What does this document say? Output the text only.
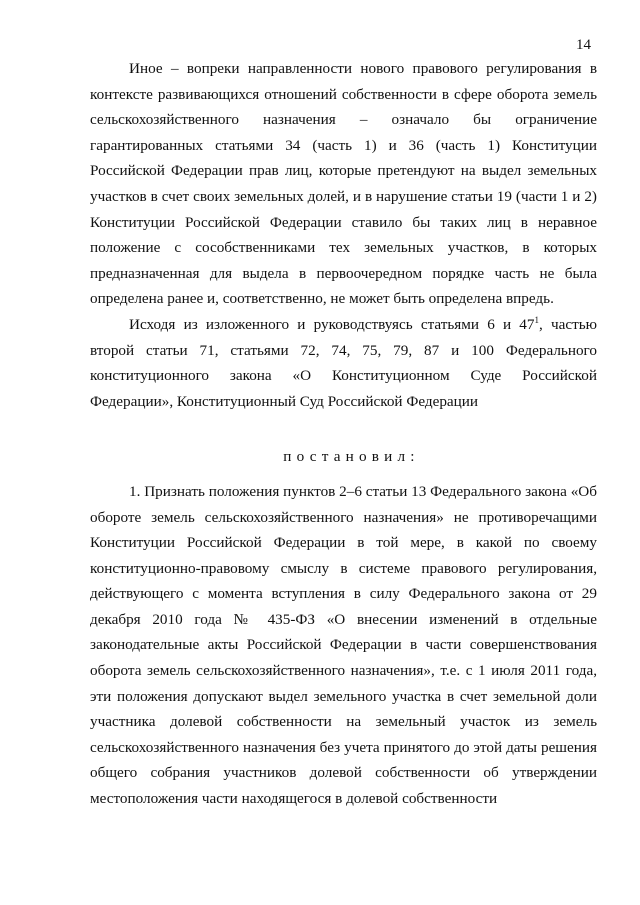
14

Иное – вопреки направленности нового правового регулирования в контексте развивающихся отношений собственности в сфере оборота земель сельскохозяйственного назначения – означало бы ограничение гарантированных статьями 34 (часть 1) и 36 (часть 1) Конституции Российской Федерации прав лиц, которые претендуют на выдел земельных участков в счет своих земельных долей, и в нарушение статьи 19 (части 1 и 2) Конституции Российской Федерации ставило бы таких лиц в неравное положение с сособственниками тех земельных участков, в которых предназначенная для выдела в первоочередном порядке часть не была определена ранее и, соответственно, не может быть определена впредь.

Исходя из изложенного и руководствуясь статьями 6 и $47^1$, частью второй статьи 71, статьями 72, 74, 75, 79, 87 и 100 Федерального конституционного закона «О Конституционном Суде Российской Федерации», Конституционный Суд Российской Федерации

постановил:

1. Признать положения пунктов 2–6 статьи 13 Федерального закона «Об обороте земель сельскохозяйственного назначения» не противоречащими Конституции Российской Федерации в той мере, в какой по своему конституционно-правовому смыслу в системе правового регулирования, действующего с момента вступления в силу Федерального закона от 29 декабря 2010 года № 435-ФЗ «О внесении изменений в отдельные законодательные акты Российской Федерации в части совершенствования оборота земель сельскохозяйственного назначения», т.е. с 1 июля 2011 года, эти положения допускают выдел земельного участка в счет земельной доли участника долевой собственности на земельный участок из земель сельскохозяйственного назначения без учета принятого до этой даты решения общего собрания участников долевой собственности об утверждении местоположения части находящегося в долевой собственности
